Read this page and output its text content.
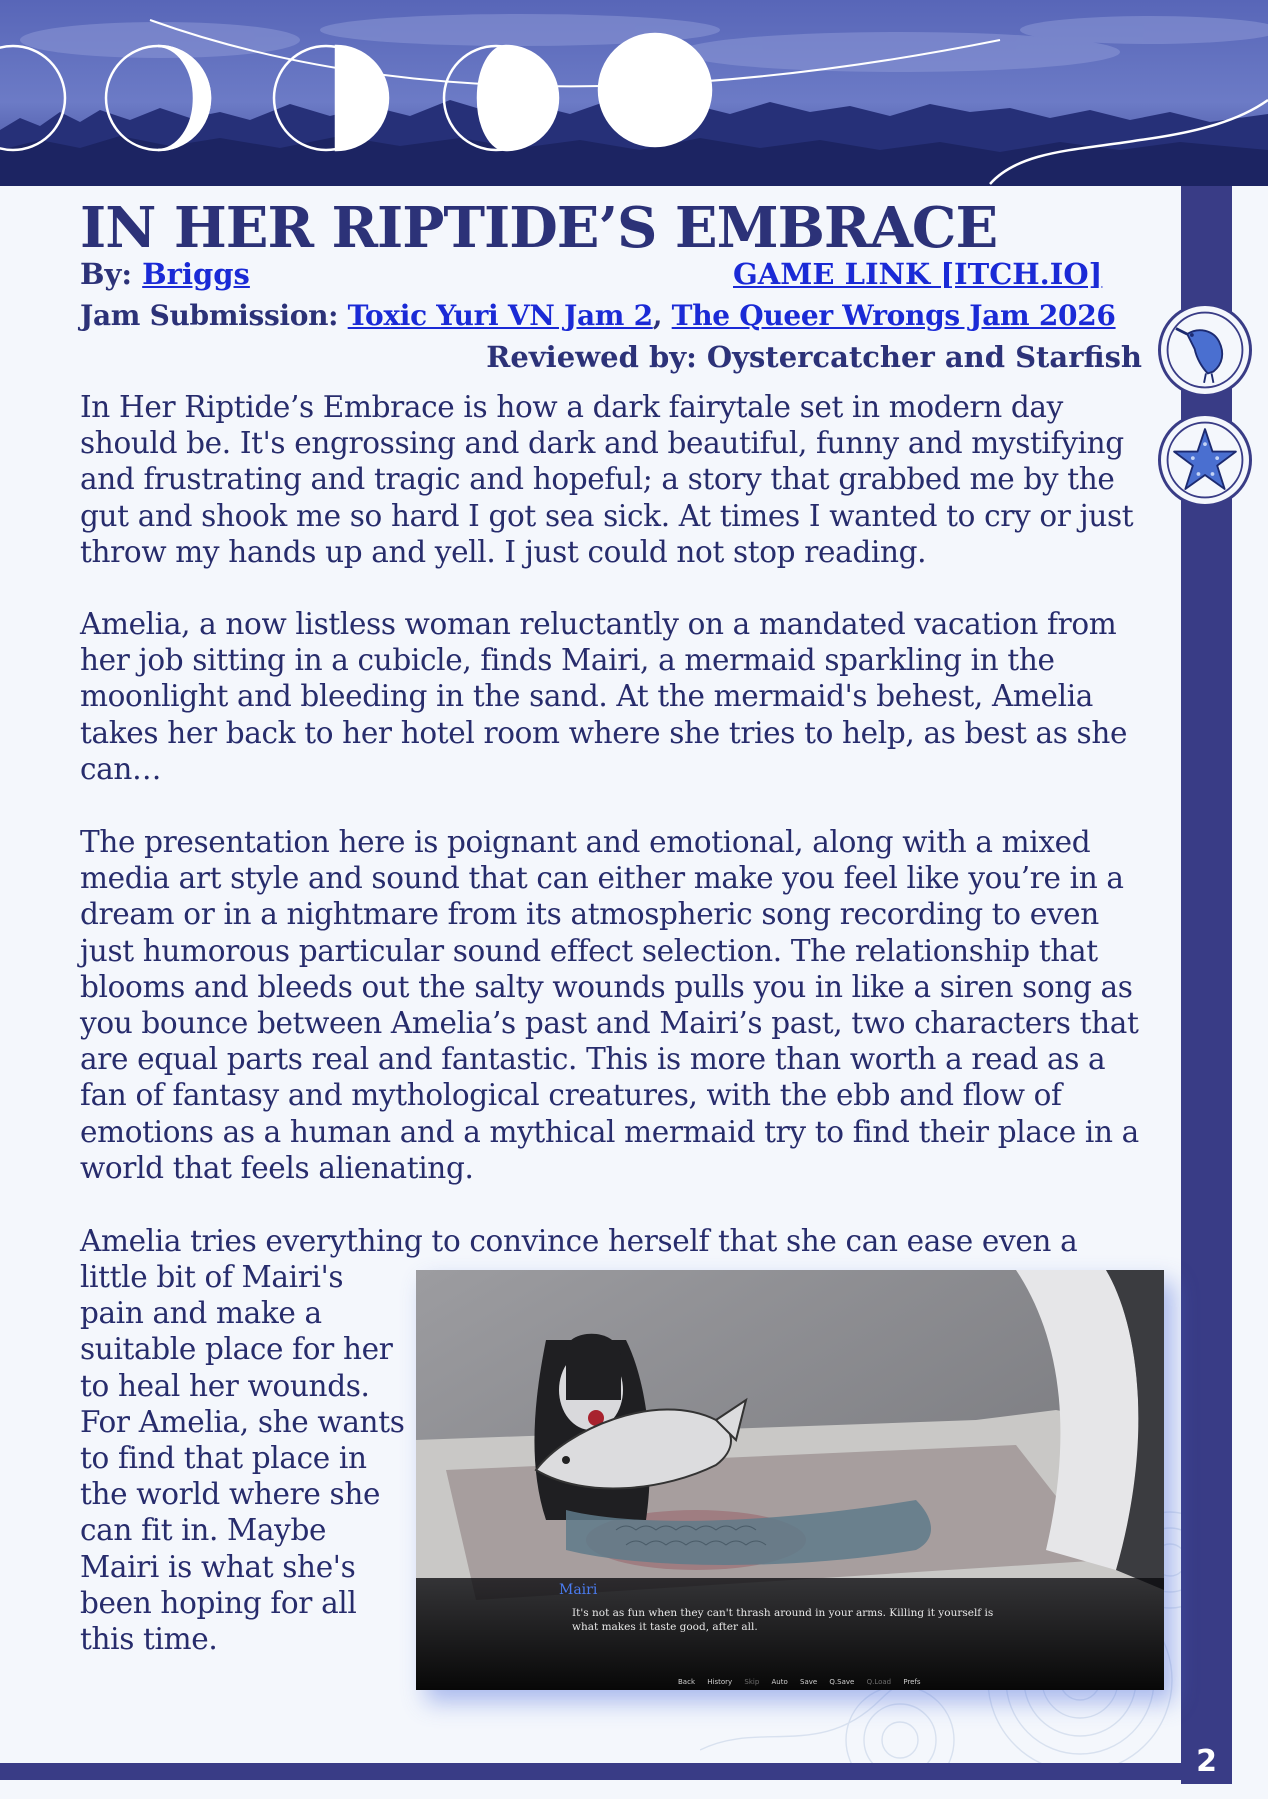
IN HER RIPTIDE’S EMBRACE
By: Briggs	GAME LINK [ITCH.IO]
Jam Submission: Toxic Yuri VN Jam 2, The Queer Wrongs Jam 2026
Reviewed by: Oystercatcher and Starfish

In Her Riptide’s Embrace is how a dark fairytale set in modern day should be. It's engrossing and dark and beautiful, funny and mystifying and frustrating and tragic and hopeful; a story that grabbed me by the gut and shook me so hard I got sea sick. At times I wanted to cry or just throw my hands up and yell. I just could not stop reading.

Amelia, a now listless woman reluctantly on a mandated vacation from her job sitting in a cubicle, finds Mairi, a mermaid sparkling in the moonlight and bleeding in the sand. At the mermaid's behest, Amelia takes her back to her hotel room where she tries to help, as best as she can…

The presentation here is poignant and emotional, along with a mixed media art style and sound that can either make you feel like you’re in a dream or in a nightmare from its atmospheric song recording to even just humorous particular sound effect selection. The relationship that blooms and bleeds out the salty wounds pulls you in like a siren song as you bounce between Amelia’s past and Mairi’s past, two characters that are equal parts real and fantastic. This is more than worth a read as a fan of fantasy and mythological creatures, with the ebb and flow of emotions as a human and a mythical mermaid try to find their place in a world that feels alienating.

Amelia tries everything to convince herself that she can ease even a

little bit of Mairi's pain and make a suitable place for her to heal her wounds. For Amelia, she wants to find that place in the world where she can fit in. Maybe Mairi is what she's been hoping for all this time.

Mairi
It's not as fun when they can't thrash around in your arms. Killing it yourself is what makes it taste good, after all.
Back History Skip Auto Save Q.Save Q.Load Prefs
2
